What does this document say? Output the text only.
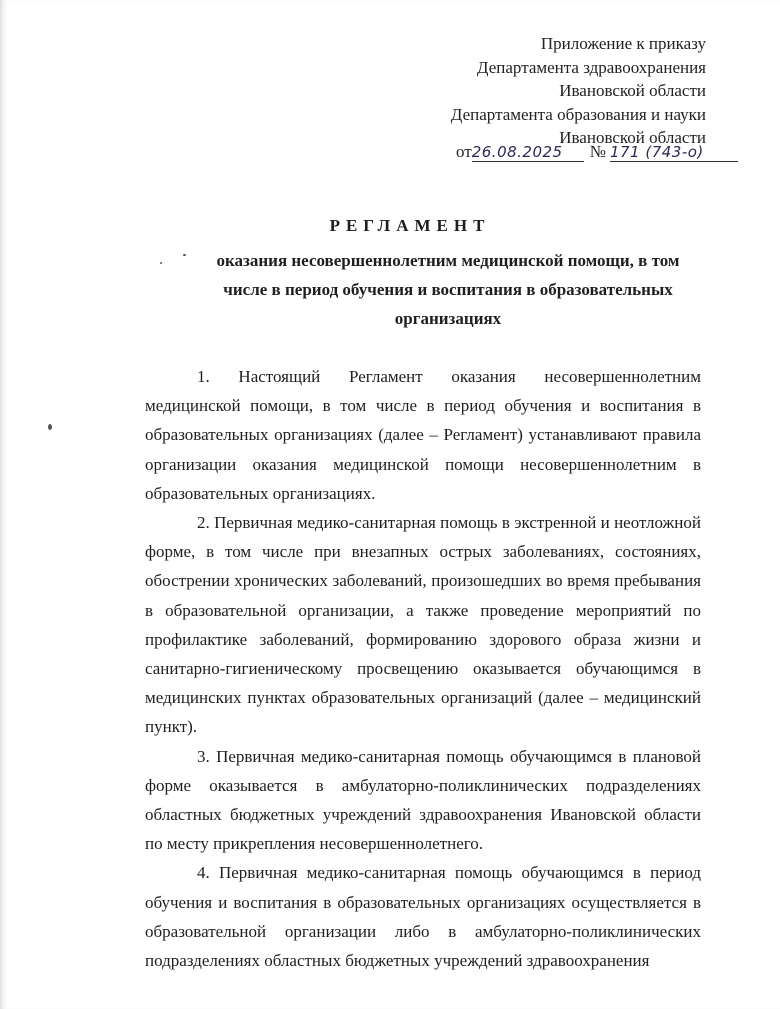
Приложение к приказу
Департамента здравоохранения
Ивановской области
Департамента образования и науки
Ивановской области
от26.08.2025 № 171 (743-о)
РЕГЛАМЕНТ
оказания несовершеннолетним медицинской помощи, в том числе в период обучения и воспитания в образовательных организациях

1. Настоящий Регламент оказания несовершеннолетним медицинской помощи, в том числе в период обучения и воспитания в образовательных организациях (далее – Регламент) устанавливают правила организации оказания медицинской помощи несовершеннолетним в образовательных организациях.

2. Первичная медико-санитарная помощь в экстренной и неотложной форме, в том числе при внезапных острых заболеваниях, состояниях, обострении хронических заболеваний, произошедших во время пребывания в образовательной организации, а также проведение мероприятий по профилактике заболеваний, формированию здорового образа жизни и санитарно-гигиеническому просвещению оказывается обучающимся в медицинских пунктах образовательных организаций (далее – медицинский пункт).

3. Первичная медико-санитарная помощь обучающимся в плановой форме оказывается в амбулаторно-поликлинических подразделениях областных бюджетных учреждений здравоохранения Ивановской области по месту прикрепления несовершеннолетнего.

4. Первичная медико-санитарная помощь обучающимся в период обучения и воспитания в образовательных организациях осуществляется в образовательной организации либо в амбулаторно-поликлинических подразделениях областных бюджетных учреждений здравоохранения
